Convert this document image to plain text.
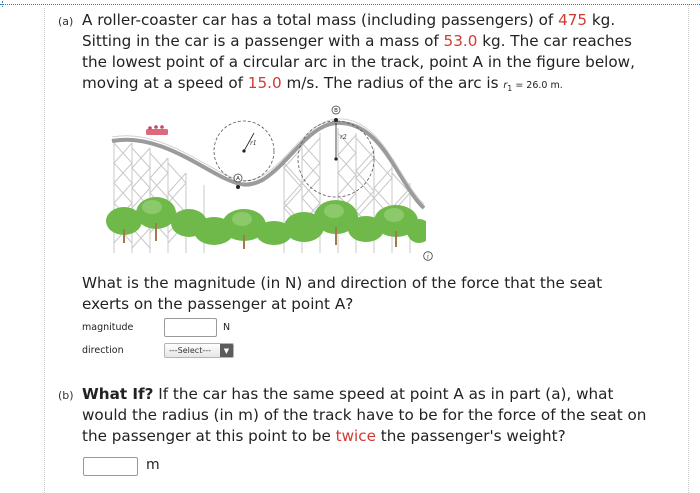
(a) A roller-coaster car has a total mass (including passengers) of 475 kg.
Sitting in the car is a passenger with a mass of 53.0 kg. The car reaches
the lowest point of a circular arc in the track, point A in the figure below,
moving at a speed of 15.0 m/s. The radius of the arc is $r_1 = 26.0$ m.
r1
r2
A
B
i
What is the magnitude (in N) and direction of the force that the seat
exerts on the passenger at point A?
magnitude	N
direction	---Select---	▼
(b) What If? If the car has the same speed at point A as in part (a), what
would the radius (in m) of the track have to be for the force of the seat on
the passenger at this point to be twice the passenger's weight?
m
